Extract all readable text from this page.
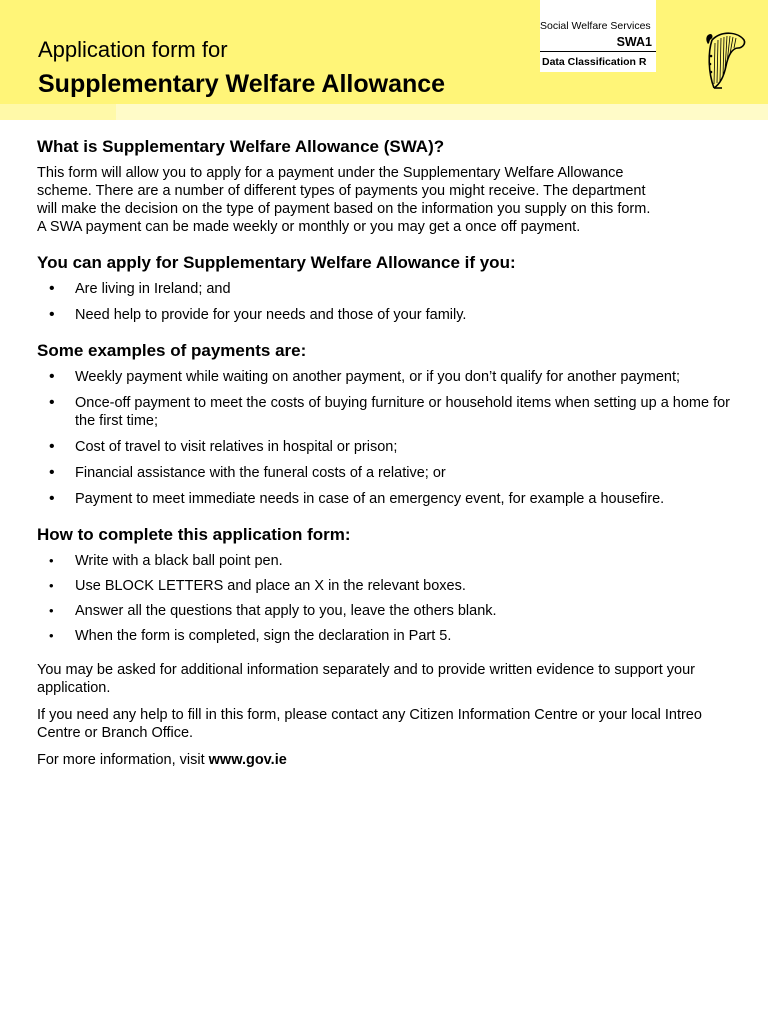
Application form for
Supplementary Welfare Allowance
Social Welfare Services
SWA1
Data Classification R
What is Supplementary Welfare Allowance (SWA)?

This form will allow you to apply for a payment under the Supplementary Welfare Allowance
scheme. There are a number of different types of payments you might receive. The department
will make the decision on the type of payment based on the information you supply on this form.
A SWA payment can be made weekly or monthly or you may get a once off payment.

You can apply for Supplementary Welfare Allowance if you:
• Are living in Ireland; and
• Need help to provide for your needs and those of your family.
Some examples of payments are:
• Weekly payment while waiting on another payment, or if you don’t qualify for another payment;
• Once-off payment to meet the costs of buying furniture or household items when setting up a home for the first time;
• Cost of travel to visit relatives in hospital or prison;
• Financial assistance with the funeral costs of a relative; or
• Payment to meet immediate needs in case of an emergency event, for example a housefire.
How to complete this application form:
• Write with a black ball point pen.
• Use BLOCK LETTERS and place an X in the relevant boxes.
• Answer all the questions that apply to you, leave the others blank.
• When the form is completed, sign the declaration in Part 5.

You may be asked for additional information separately and to provide written evidence to support your application.

If you need any help to fill in this form, please contact any Citizen Information Centre or your local Intreo Centre or Branch Office.

For more information, visit www.gov.ie
